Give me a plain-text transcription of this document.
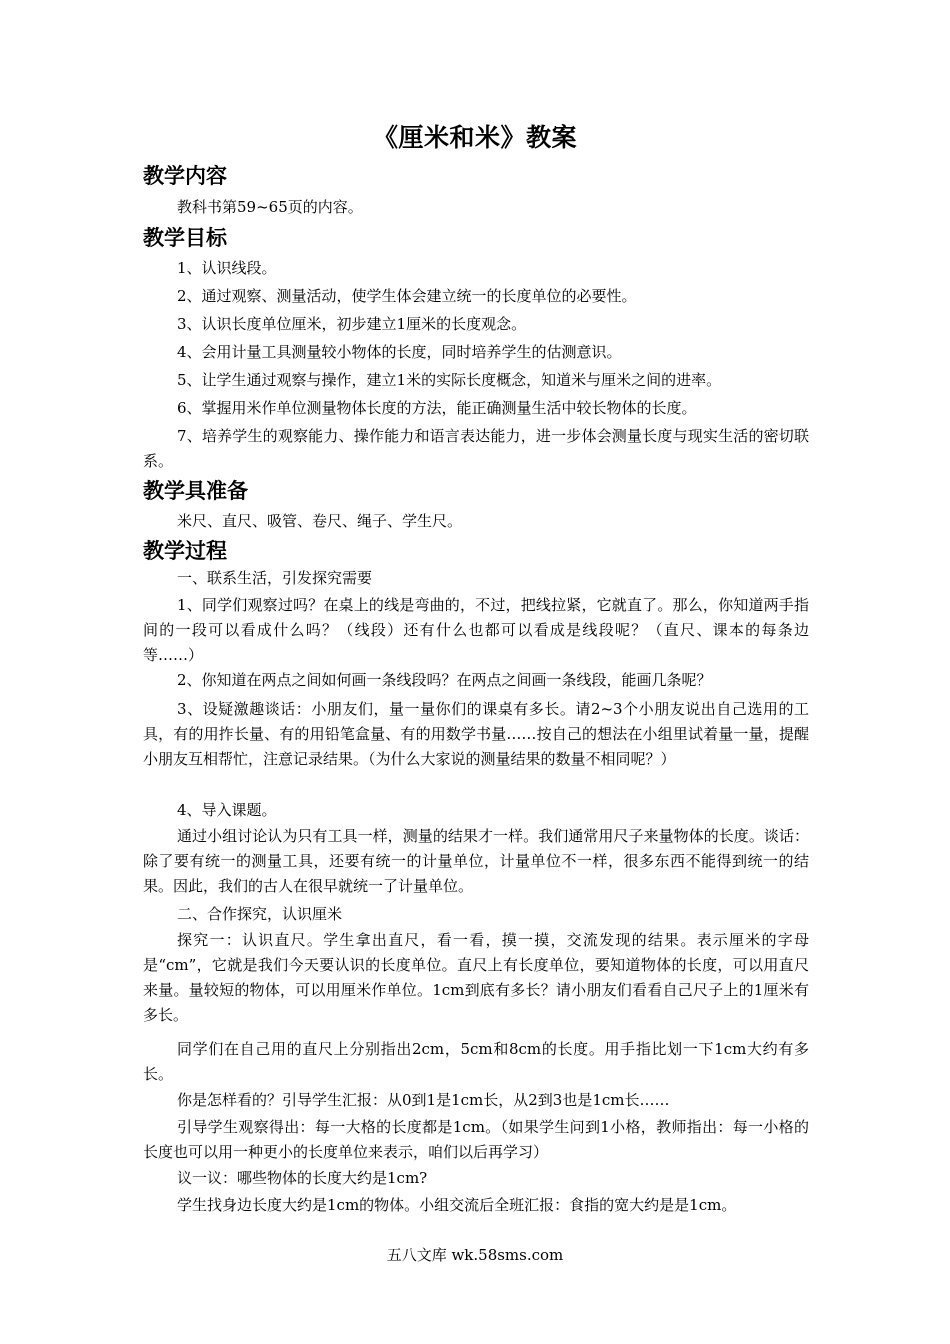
《厘米和米》教案
教学内容
教科书第59~65页的内容。
教学目标
1、认识线段。
2、通过观察、测量活动，使学生体会建立统一的长度单位的必要性。
3、认识长度单位厘米，初步建立1厘米的长度观念。
4、会用计量工具测量较小物体的长度，同时培养学生的估测意识。
5、让学生通过观察与操作，建立1米的实际长度概念，知道米与厘米之间的进率。
6、掌握用米作单位测量物体长度的方法，能正确测量生活中较长物体的长度。
7、培养学生的观察能力、操作能力和语言表达能力，进一步体会测量长度与现实生活的密切联系。
教学具准备
米尺、直尺、吸管、卷尺、绳子、学生尺。
教学过程
一、联系生活，引发探究需要
1、同学们观察过吗？在桌上的线是弯曲的，不过，把线拉紧，它就直了。那么，你知道两手指间的一段可以看成什么吗？（线段）还有什么也都可以看成是线段呢？（直尺、课本的每条边等……）
2、你知道在两点之间如何画一条线段吗？在两点之间画一条线段，能画几条呢？
3、设疑激趣谈话：小朋友们，量一量你们的课桌有多长。请2~3个小朋友说出自己选用的工具，有的用拃长量、有的用铅笔盒量、有的用数学书量……按自己的想法在小组里试着量一量，提醒小朋友互相帮忙，注意记录结果。（为什么大家说的测量结果的数量不相同呢？）
4、导入课题。
通过小组讨论认为只有工具一样，测量的结果才一样。我们通常用尺子来量物体的长度。谈话：除了要有统一的测量工具，还要有统一的计量单位，计量单位不一样，很多东西不能得到统一的结果。因此，我们的古人在很早就统一了计量单位。
二、合作探究，认识厘米
探究一：认识直尺。学生拿出直尺，看一看，摸一摸，交流发现的结果。表示厘米的字母是“cm”，它就是我们今天要认识的长度单位。直尺上有长度单位，要知道物体的长度，可以用直尺来量。量较短的物体，可以用厘米作单位。1cm到底有多长？请小朋友们看看自己尺子上的1厘米有多长。
同学们在自己用的直尺上分别指出2cm，5cm和8cm的长度。用手指比划一下1cm大约有多长。
你是怎样看的？引导学生汇报：从0到1是1cm长，从2到3也是1cm长……
引导学生观察得出：每一大格的长度都是1cm。（如果学生问到1小格，教师指出：每一小格的长度也可以用一种更小的长度单位来表示，咱们以后再学习）
议一议：哪些物体的长度大约是1cm?
学生找身边长度大约是1cm的物体。小组交流后全班汇报：食指的宽大约是是1cm。
五八文库 wk.58sms.com
